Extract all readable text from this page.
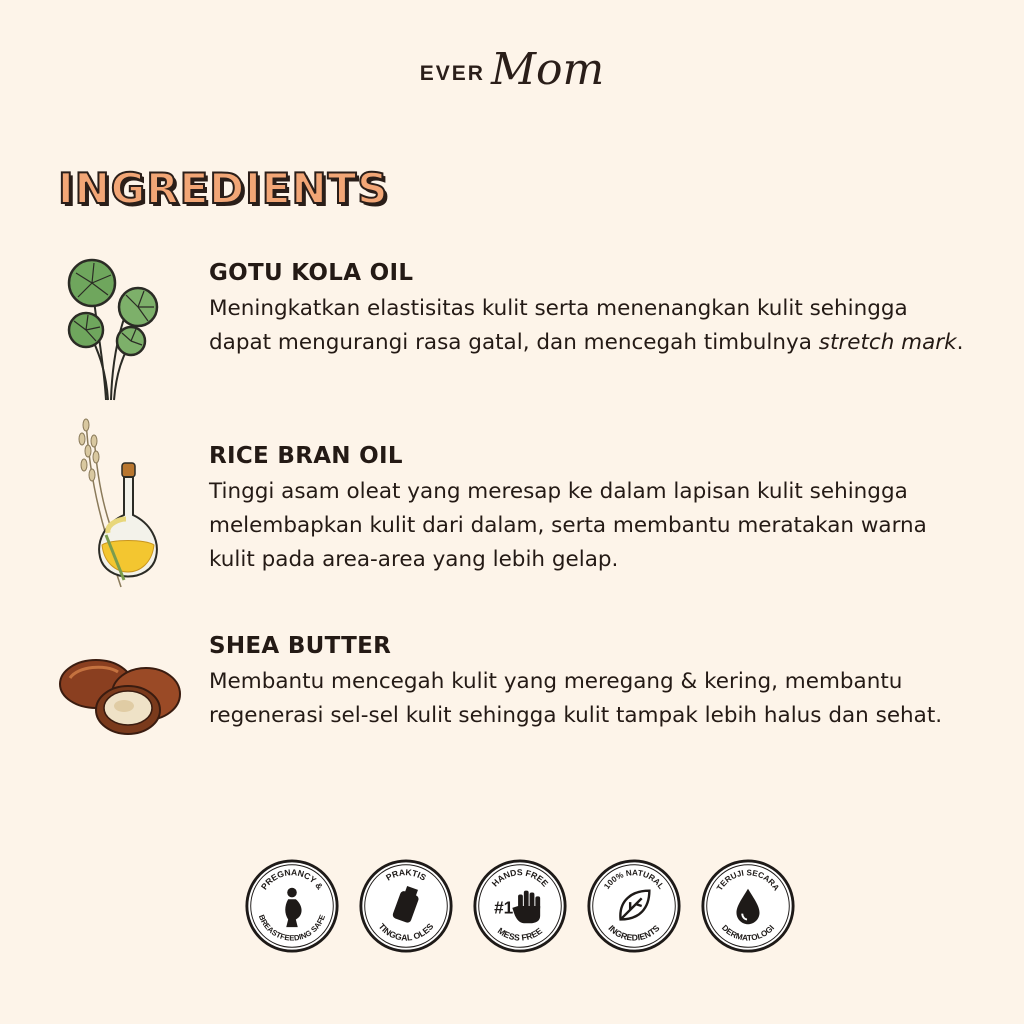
EVER Mom
INGREDIENTS
GOTU KOLA OIL
Meningkatkan elastisitas kulit serta menenangkan kulit sehingga dapat mengurangi rasa gatal, dan mencegah timbulnya stretch mark.
RICE BRAN OIL
Tinggi asam oleat yang meresap ke dalam lapisan kulit sehingga melembapkan kulit dari dalam, serta membantu meratakan warna kulit pada area-area yang lebih gelap.
SHEA BUTTER
Membantu mencegah kulit yang meregang & kering, membantu regenerasi sel-sel kulit sehingga kulit tampak lebih halus dan sehat.
PREGNANCY &
BREASTFEEDING SAFE
PRAKTIS
TINGGAL OLES
HANDS FREE
MESS FREE
#1
100% NATURAL
INGREDIENTS
TERUJI SECARA
DERMATOLOGI
